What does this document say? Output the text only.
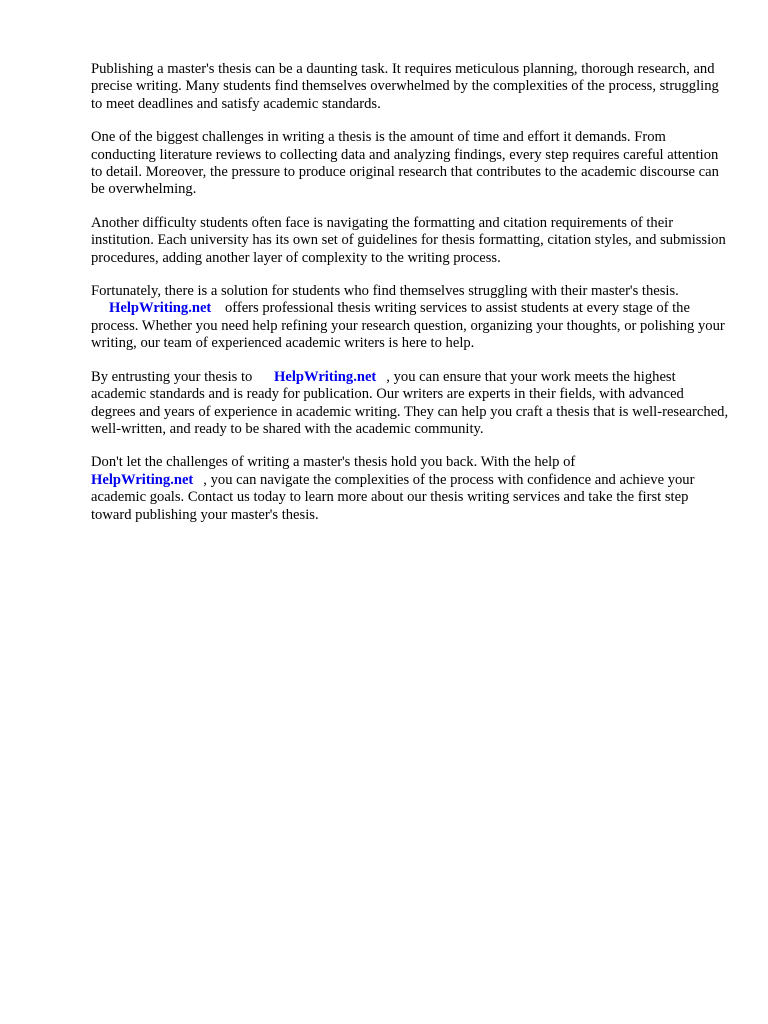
Publishing a master's thesis can be a daunting task. It requires meticulous planning, thorough research, and precise writing. Many students find themselves overwhelmed by the complexities of the process, struggling to meet deadlines and satisfy academic standards.

One of the biggest challenges in writing a thesis is the amount of time and effort it demands. From conducting literature reviews to collecting data and analyzing findings, every step requires careful attention to detail. Moreover, the pressure to produce original research that contributes to the academic discourse can be overwhelming.

Another difficulty students often face is navigating the formatting and citation requirements of their institution. Each university has its own set of guidelines for thesis formatting, citation styles, and submission procedures, adding another layer of complexity to the writing process.

Fortunately, there is a solution for students who find themselves struggling with their master's thesis.
HelpWriting.net offers professional thesis writing services to assist students at every stage of the process. Whether you need help refining your research question, organizing your thoughts, or polishing your writing, our team of experienced academic writers is here to help.

By entrusting your thesis to HelpWriting.net , you can ensure that your work meets the highest academic standards and is ready for publication. Our writers are experts in their fields, with advanced degrees and years of experience in academic writing. They can help you craft a thesis that is well-researched, well-written, and ready to be shared with the academic community.

Don't let the challenges of writing a master's thesis hold you back. With the help of
HelpWriting.net , you can navigate the complexities of the process with confidence and achieve your academic goals. Contact us today to learn more about our thesis writing services and take the first step toward publishing your master's thesis.
